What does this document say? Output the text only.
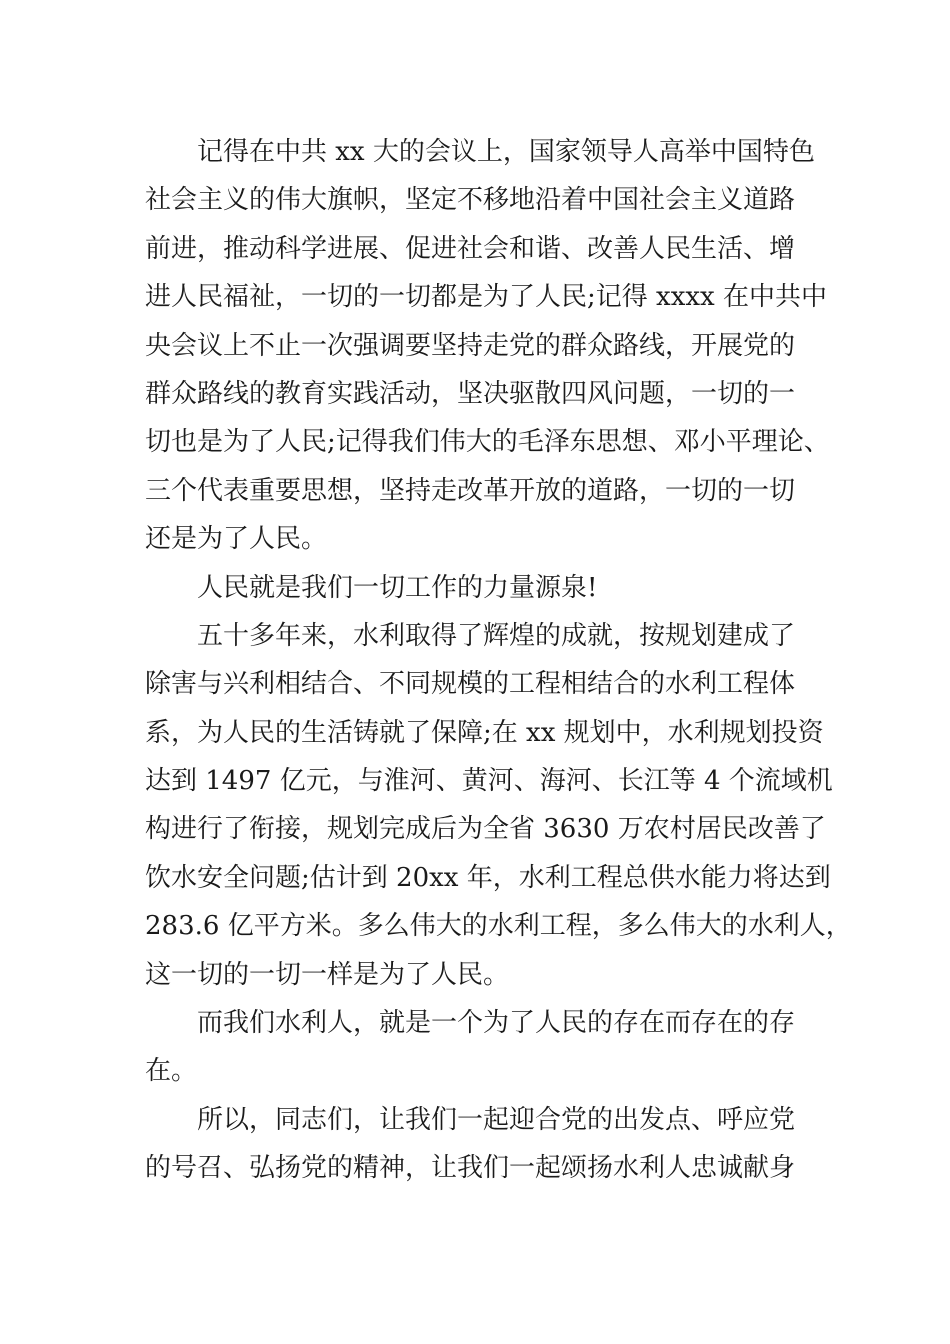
记得在中共 xx 大的会议上，国家领导人高举中国特色
社会主义的伟大旗帜，坚定不移地沿着中国社会主义道路
前进，推动科学进展、促进社会和谐、改善人民生活、增
进人民福祉，一切的一切都是为了人民;记得 xxxx 在中共中
央会议上不止一次强调要坚持走党的群众路线，开展党的
群众路线的教育实践活动，坚决驱散四风问题，一切的一
切也是为了人民;记得我们伟大的毛泽东思想、邓小平理论、
三个代表重要思想，坚持走改革开放的道路，一切的一切
还是为了人民。
人民就是我们一切工作的力量源泉!
五十多年来，水利取得了辉煌的成就，按规划建成了
除害与兴利相结合、不同规模的工程相结合的水利工程体
系，为人民的生活铸就了保障;在 xx 规划中，水利规划投资
达到 1497 亿元，与淮河、黄河、海河、长江等 4 个流域机
构进行了衔接，规划完成后为全省 3630 万农村居民改善了
饮水安全问题;估计到 20xx 年，水利工程总供水能力将达到
283.6 亿平方米。多么伟大的水利工程，多么伟大的水利人，
这一切的一切一样是为了人民。
而我们水利人，就是一个为了人民的存在而存在的存
在。
所以，同志们，让我们一起迎合党的出发点、呼应党
的号召、弘扬党的精神，让我们一起颂扬水利人忠诚献身
